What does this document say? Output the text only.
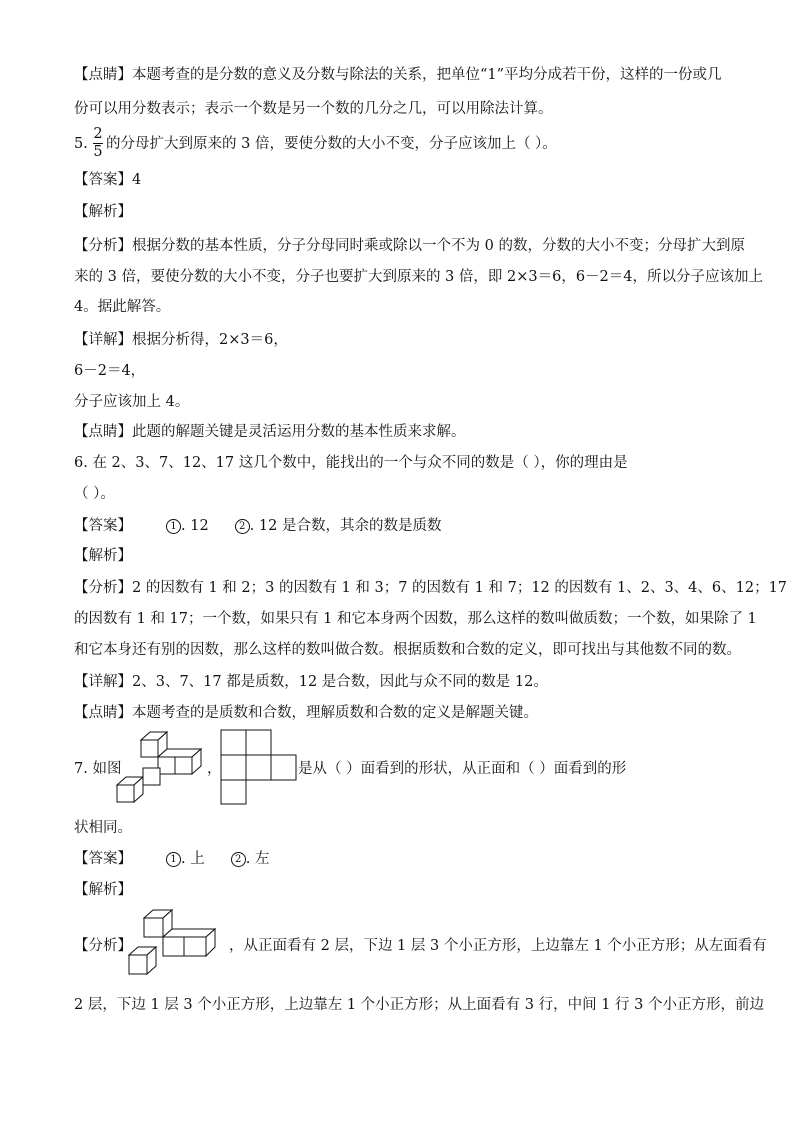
【点睛】本题考查的是分数的意义及分数与除法的关系，把单位“1”平均分成若干份，这样的一份或几
份可以用分数表示；表示一个数是另一个数的几分之几，可以用除法计算。
5.
2
5 的分母扩大到原来的 3 倍，要使分数的大小不变，分子应该加上（ ）。
【答案】4
【解析】
【分析】根据分数的基本性质，分子分母同时乘或除以一个不为 0 的数，分数的大小不变；分母扩大到原
来的 3 倍，要使分数的大小不变，分子也要扩大到原来的 3 倍，即 2×3＝6，6－2＝4，所以分子应该加上
4。据此解答。
【详解】根据分析得，2×3＝6，
6－2＝4，
分子应该加上 4。
【点睛】此题的解题关键是灵活运用分数的基本性质来求解。
6. 在 2、3、7、12、17 这几个数中，能找出的一个与众不同的数是（ ），你的理由是
（ ）。
【答案】	1 . 12	2 . 12 是合数，其余的数是质数
【解析】
【分析】2 的因数有 1 和 2；3 的因数有 1 和 3；7 的因数有 1 和 7；12 的因数有 1、2、3、4、6、12；17
的因数有 1 和 17；一个数，如果只有 1 和它本身两个因数，那么这样的数叫做质数；一个数，如果除了 1
和它本身还有别的因数，那么这样的数叫做合数。根据质数和合数的定义，即可找出与其他数不同的数。
【详解】2、3、7、17 都是质数，12 是合数，因此与众不同的数是 12。
【点睛】本题考查的是质数和合数，理解质数和合数的定义是解题关键。
7. 如图	，	是从（ ）面看到的形状，从正面和（ ）面看到的形
状相同。
【答案】	1 . 上	2 . 左
【解析】
【分析】	，从正面看有 2 层，下边 1 层 3 个小正方形，上边靠左 1 个小正方形；从左面看有
2 层，下边 1 层 3 个小正方形，上边靠左 1 个小正方形；从上面看有 3 行，中间 1 行 3 个小正方形，前边
